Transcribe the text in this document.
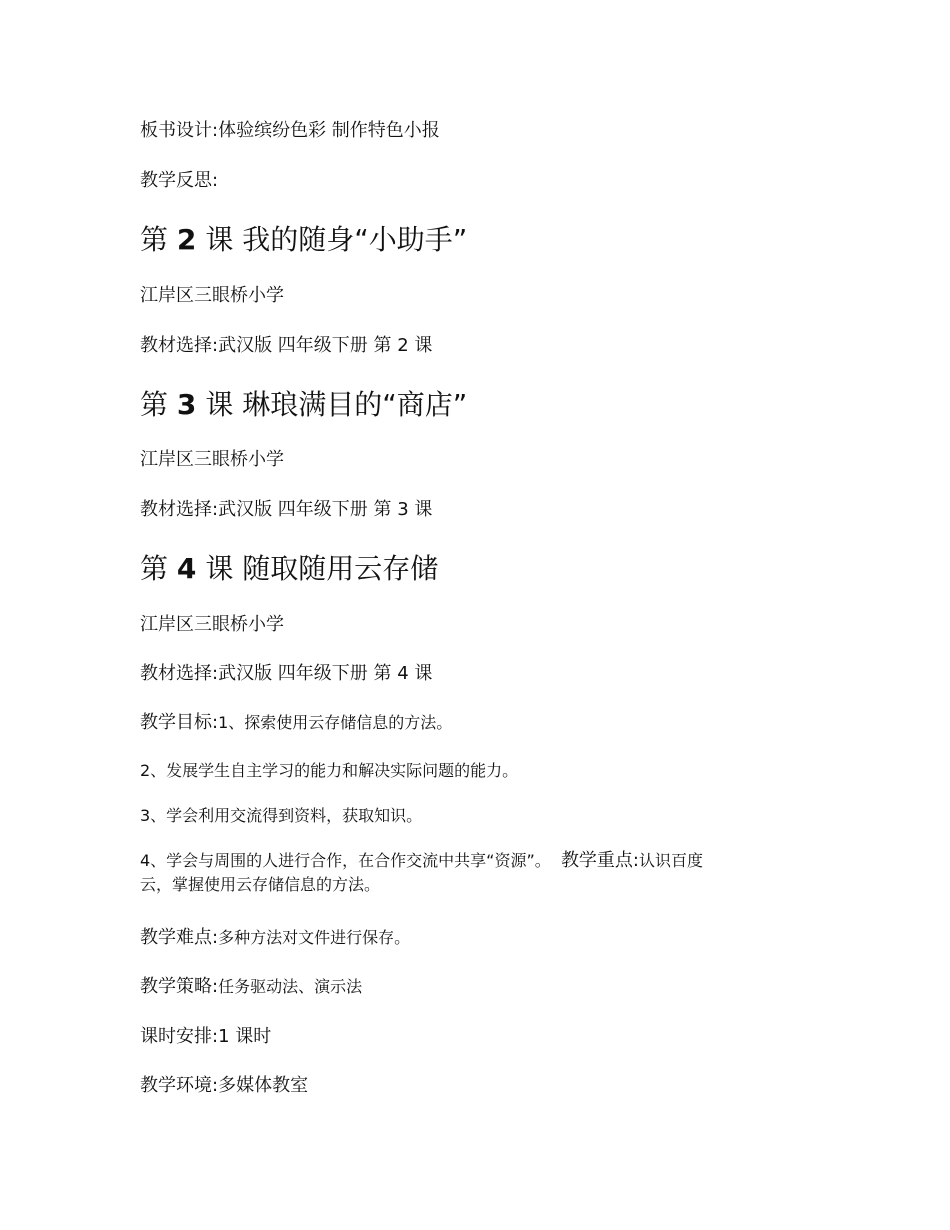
板书设计:体验缤纷色彩 制作特色小报
教学反思:
第 2 课 我的随身“小助手”
江岸区三眼桥小学
教材选择:武汉版 四年级下册 第 2 课
第 3 课 琳琅满目的“商店”
江岸区三眼桥小学
教材选择:武汉版 四年级下册 第 3 课
第 4 课 随取随用云存储
江岸区三眼桥小学
教材选择:武汉版 四年级下册 第 4 课
教学目标:1、探索使用云存储信息的方法。
2、发展学生自主学习的能力和解决实际问题的能力。
3、学会利用交流得到资料，获取知识。
4、学会与周围的人进行合作，在合作交流中共享“资源”。 教学重点:认识百度
云，掌握使用云存储信息的方法。
教学难点:多种方法对文件进行保存。
教学策略:任务驱动法、演示法
课时安排:1 课时
教学环境:多媒体教室
